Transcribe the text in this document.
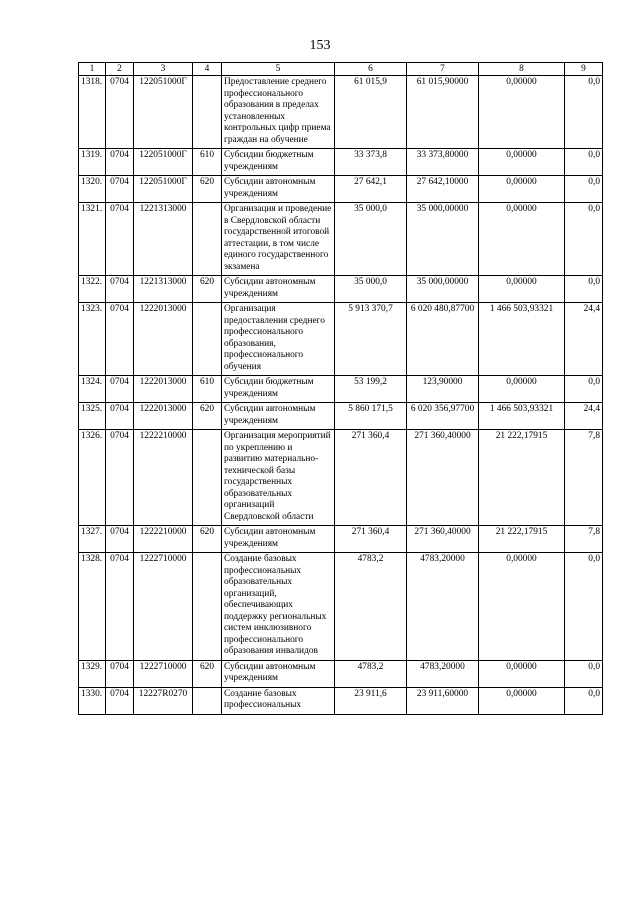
153
1	2	3	4	5	6	7	8	9
1318.	0704	122051000Г		Предоставление среднего профессионального образования в пределах установленных контрольных цифр приема граждан на обучение	61 015,9	61 015,90000	0,00000	0,0
1319.	0704	122051000Г	610	Субсидии бюджетным учреждениям	33 373,8	33 373,80000	0,00000	0,0
1320.	0704	122051000Г	620	Субсидии автономным учреждениям	27 642,1	27 642,10000	0,00000	0,0
1321.	0704	1221313000		Организация и проведение в Свердловской области государственной итоговой аттестации, в том числе единого государственного экзамена	35 000,0	35 000,00000	0,00000	0,0
1322.	0704	1221313000	620	Субсидии автономным учреждениям	35 000,0	35 000,00000	0,00000	0,0
1323.	0704	1222013000		Организация предоставления среднего профессионального образования, профессионального обучения	5 913 370,7	6 020 480,87700	1 466 503,93321	24,4
1324.	0704	1222013000	610	Субсидии бюджетным учреждениям	53 199,2	123,90000	0,00000	0,0
1325.	0704	1222013000	620	Субсидии автономным учреждениям	5 860 171,5	6 020 356,97700	1 466 503,93321	24,4
1326.	0704	1222210000		Организация мероприятий по укреплению и развитию материально-технической базы государственных образовательных организаций Свердловской области	271 360,4	271 360,40000	21 222,17915	7,8
1327.	0704	1222210000	620	Субсидии автономным учреждениям	271 360,4	271 360,40000	21 222,17915	7,8
1328.	0704	1222710000		Создание базовых профессиональных образовательных организаций, обеспечивающих поддержку региональных систем инклюзивного профессионального образования инвалидов	4783,2	4783,20000	0,00000	0,0
1329.	0704	1222710000	620	Субсидии автономным учреждениям	4783,2	4783,20000	0,00000	0,0
1330.	0704	12227R0270		Создание базовых профессиональных	23 911,6	23 911,60000	0,00000	0,0
